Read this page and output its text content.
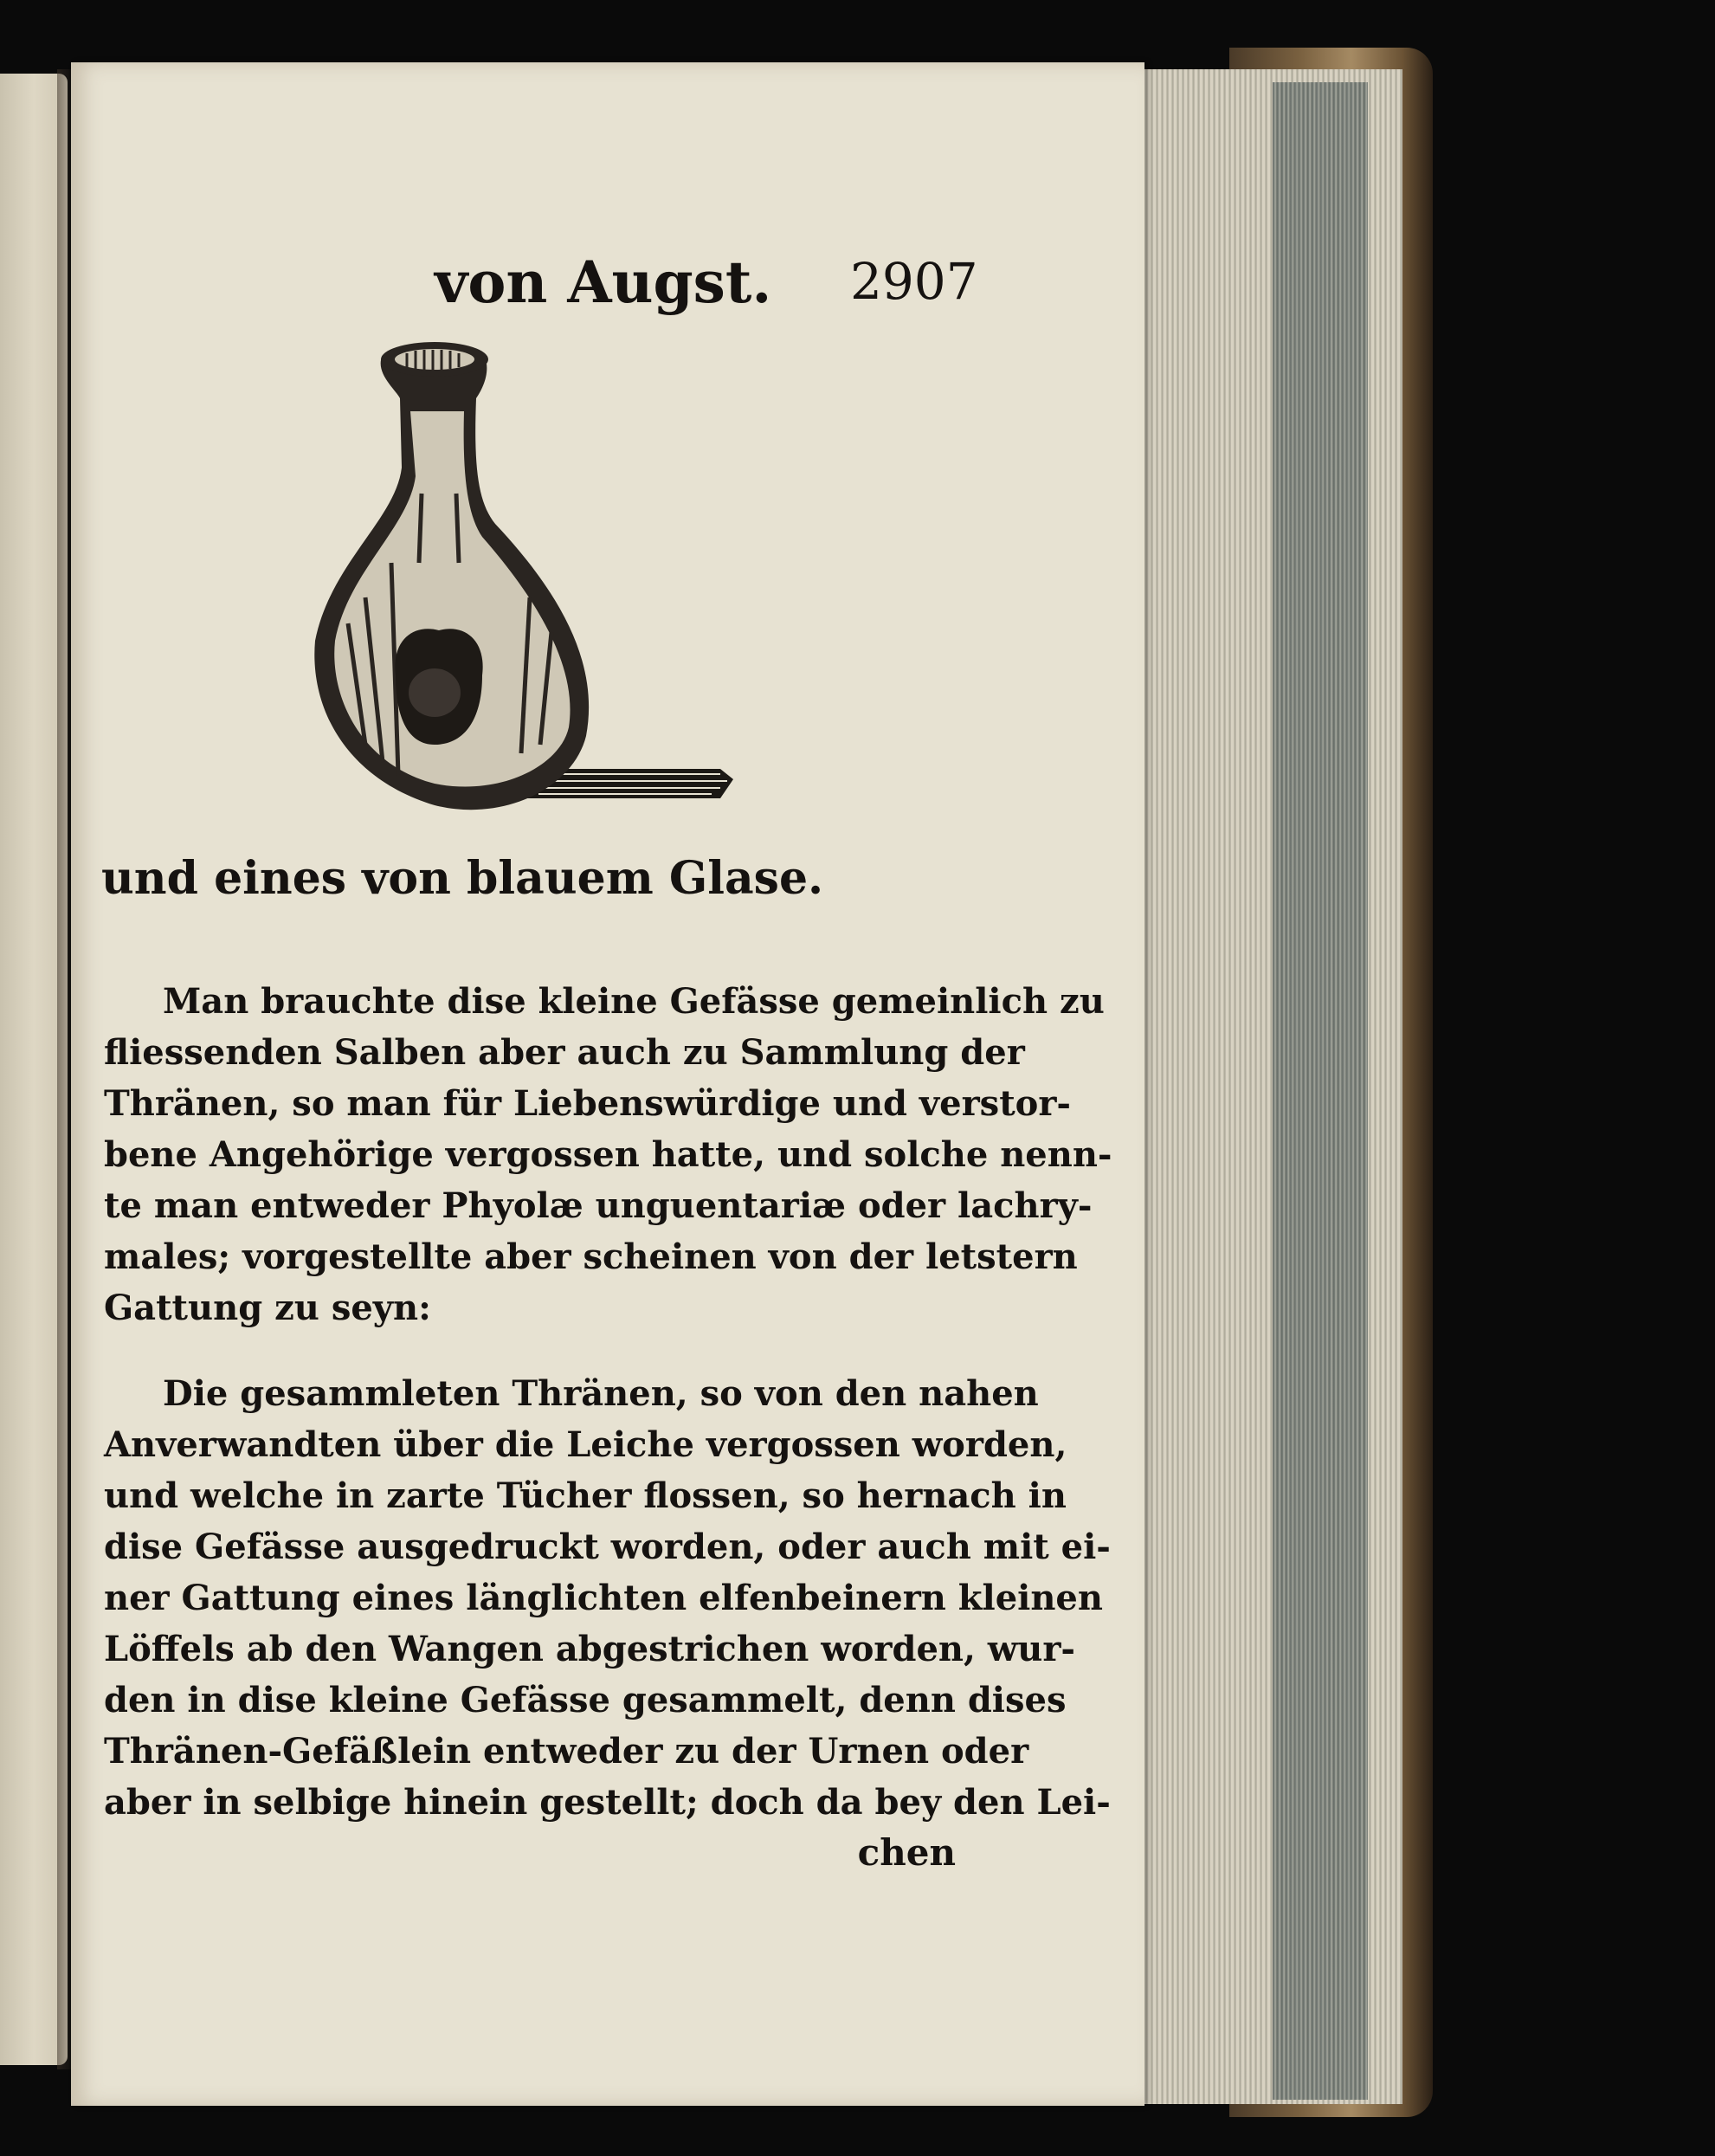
von Augst. 2907
und eines von blauem Glase.

Man brauchte dise kleine Gefässe gemeinlich zu
fliessenden Salben aber auch zu Sammlung der
Thränen, so man für Liebenswürdige und verstor-
bene Angehörige vergossen hatte, und solche nenn-
te man entweder Phyolæ unguentariæ oder lachry-
males; vorgestellte aber scheinen von der letstern
Gattung zu seyn:

Die gesammleten Thränen, so von den nahen
Anverwandten über die Leiche vergossen worden,
und welche in zarte Tücher flossen, so hernach in
dise Gefässe ausgedruckt worden, oder auch mit ei-
ner Gattung eines länglichten elfenbeinern kleinen
Löffels ab den Wangen abgestrichen worden, wur-
den in dise kleine Gefässe gesammelt, denn dises
Thränen-Gefäßlein entweder zu der Urnen oder
aber in selbige hinein gestellt; doch da bey den Lei-

chen
